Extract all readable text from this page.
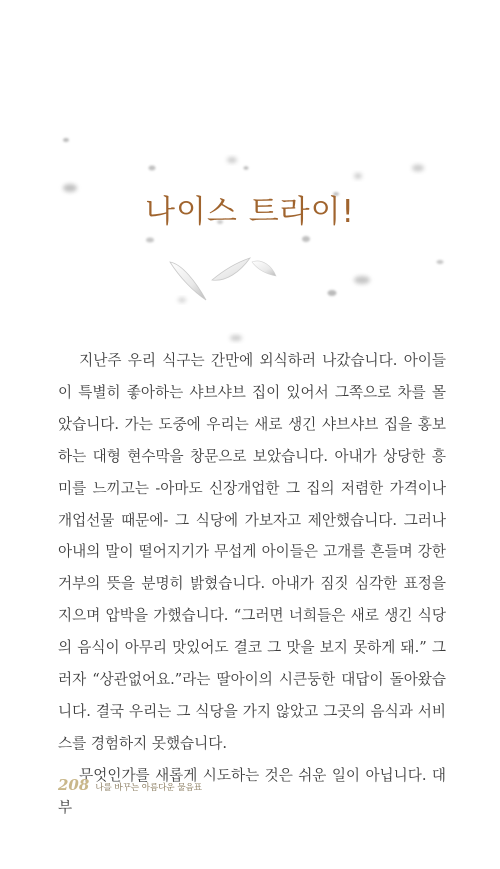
나이스 트라이!

지난주 우리 식구는 간만에 외식하러 나갔습니다. 아이들이 특별히 좋아하는 샤브샤브 집이 있어서 그쪽으로 차를 몰았습니다. 가는 도중에 우리는 새로 생긴 샤브샤브 집을 홍보하는 대형 현수막을 창문으로 보았습니다. 아내가 상당한 흥미를 느끼고는 -아마도 신장개업한 그 집의 저렴한 가격이나 개업선물 때문에- 그 식당에 가보자고 제안했습니다. 그러나 아내의 말이 떨어지기가 무섭게 아이들은 고개를 흔들며 강한 거부의 뜻을 분명히 밝혔습니다. 아내가 짐짓 심각한 표정을 지으며 압박을 가했습니다. “그러면 너희들은 새로 생긴 식당의 음식이 아무리 맛있어도 결코 그 맛을 보지 못하게 돼.” 그러자 “상관없어요.”라는 딸아이의 시큰둥한 대답이 돌아왔습니다. 결국 우리는 그 식당을 가지 않았고 그곳의 음식과 서비스를 경험하지 못했습니다.

무엇인가를 새롭게 시도하는 것은 쉬운 일이 아닙니다. 대부

208 나를 바꾸는 아름다운 물음표
